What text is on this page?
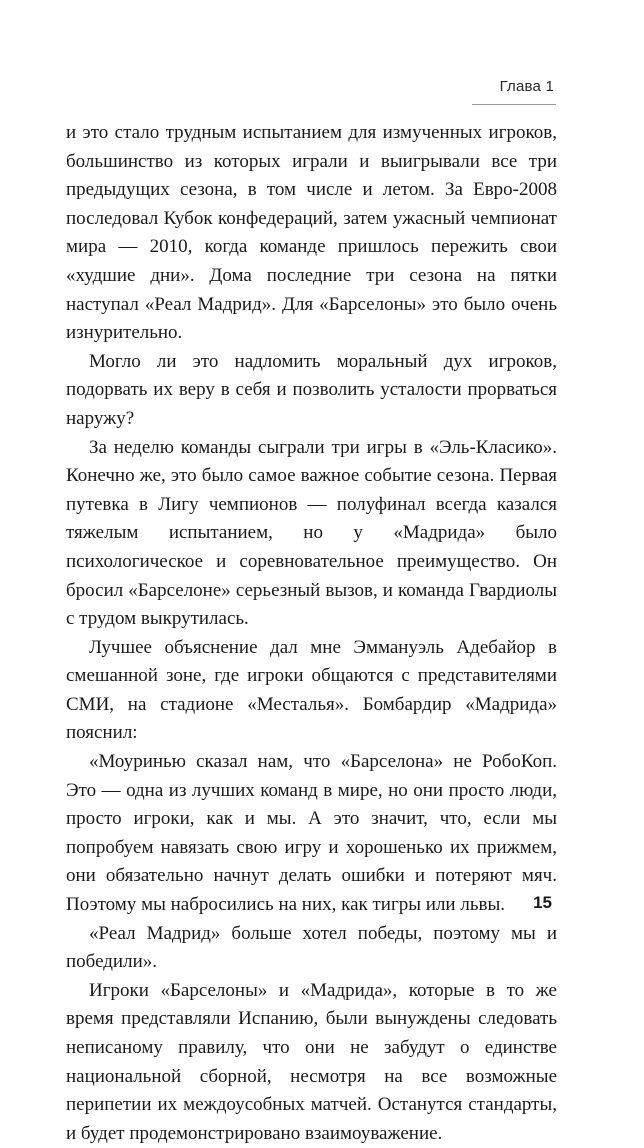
Глава 1

и это стало трудным испытанием для измученных игроков, большинство из которых играли и выигрывали все три предыдущих сезона, в том числе и летом. За Евро-2008 последовал Кубок конфедераций, затем ужасный чемпионат мира — 2010, когда команде пришлось пережить свои «худшие дни». Дома последние три сезона на пятки наступал «Реал Мадрид». Для «Барселоны» это было очень изнурительно.

Могло ли это надломить моральный дух игроков, подорвать их веру в себя и позволить усталости прорваться наружу?

За неделю команды сыграли три игры в «Эль-Класико». Конечно же, это было самое важное событие сезона. Первая путевка в Лигу чемпионов — полуфинал всегда казался тяжелым испытанием, но у «Мадрида» было психологическое и соревновательное преимущество. Он бросил «Барселоне» серьезный вызов, и команда Гвардиолы с трудом выкрутилась.

Лучшее объяснение дал мне Эммануэль Адебайор в смешанной зоне, где игроки общаются с представителями СМИ, на стадионе «Месталья». Бомбардир «Мадрида» пояснил:

«Моуринью сказал нам, что «Барселона» не РобоКоп. Это — одна из лучших команд в мире, но они просто люди, просто игроки, как и мы. А это значит, что, если мы попробуем навязать свою игру и хорошенько их прижмем, они обязательно начнут делать ошибки и потеряют мяч. Поэтому мы набросились на них, как тигры или львы.

«Реал Мадрид» больше хотел победы, поэтому мы и победили».

Игроки «Барселоны» и «Мадрида», которые в то же время представляли Испанию, были вынуждены следовать неписаному правилу, что они не забудут о единстве национальной сборной, несмотря на все возможные перипетии их междоусобных матчей. Останутся стандарты, и будет продемонстрировано взаимоуважение.

15
